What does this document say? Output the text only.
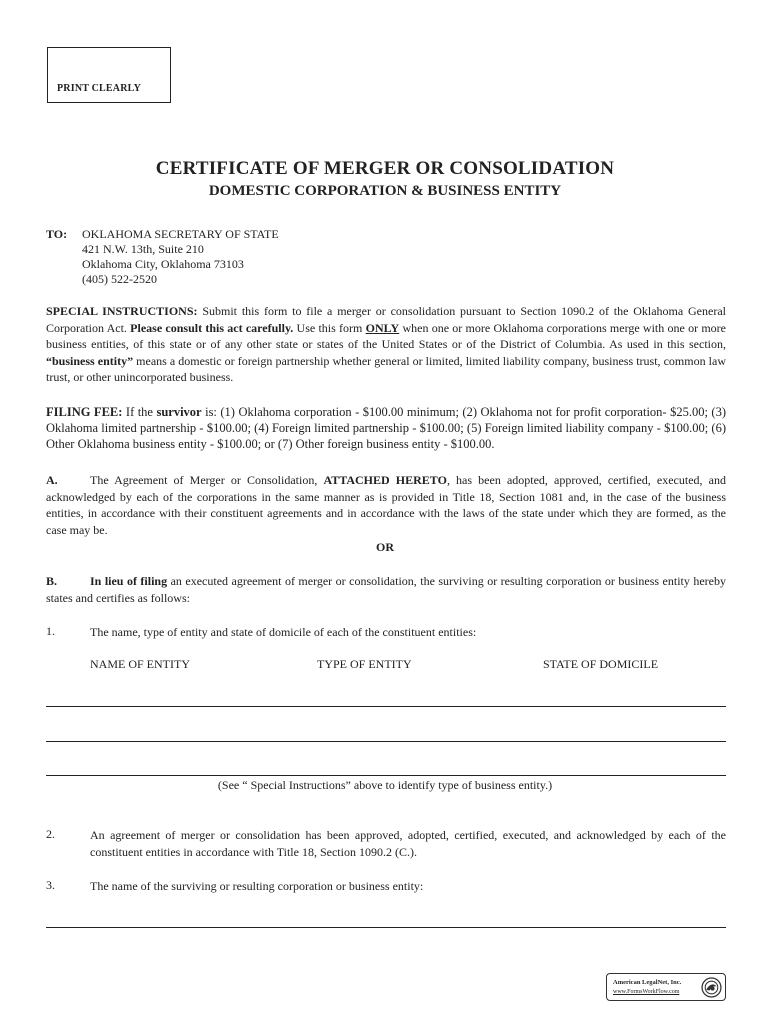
PRINT CLEARLY
CERTIFICATE OF MERGER OR CONSOLIDATION
DOMESTIC CORPORATION & BUSINESS ENTITY
TO: OKLAHOMA SECRETARY OF STATE
421 N.W. 13th, Suite 210
Oklahoma City, Oklahoma 73103
(405) 522-2520

SPECIAL INSTRUCTIONS: Submit this form to file a merger or consolidation pursuant to Section 1090.2 of the Oklahoma General Corporation Act. Please consult this act carefully. Use this form ONLY when one or more Oklahoma corporations merge with one or more business entities, of this state or of any other state or states of the United States or of the District of Columbia. As used in this section, “business entity” means a domestic or foreign partnership whether general or limited, limited liability company, business trust, common law trust, or other unincorporated business.

FILING FEE: If the survivor is: (1) Oklahoma corporation - $100.00 minimum; (2) Oklahoma not for profit corporation- $25.00; (3) Oklahoma limited partnership - $100.00; (4) Foreign limited partnership - $100.00; (5) Foreign limited liability company - $100.00; (6) Other Oklahoma business entity - $100.00; or (7) Other foreign business entity - $100.00.

A.	The Agreement of Merger or Consolidation, ATTACHED HERETO, has been adopted, approved, certified, executed, and acknowledged by each of the corporations in the same manner as is provided in Title 18, Section 1081 and, in the case of the business entities, in accordance with their constituent agreements and in accordance with the laws of the state under which they are formed, as the case may be.

OR

B.	In lieu of filing an executed agreement of merger or consolidation, the surviving or resulting corporation or business entity hereby states and certifies as follows:

1.	The name, type of entity and state of domicile of each of the constituent entities:
NAME OF ENTITY	TYPE OF ENTITY	STATE OF DOMICILE
(See “ Special Instructions” above to identify type of business entity.)
2.	An agreement of merger or consolidation has been approved, adopted, certified, executed, and acknowledged by each of the constituent entities in accordance with Title 18, Section 1090.2 (C.).
3.	The name of the surviving or resulting corporation or business entity:
American LegalNet, Inc.
www.FormsWorkFlow.com
